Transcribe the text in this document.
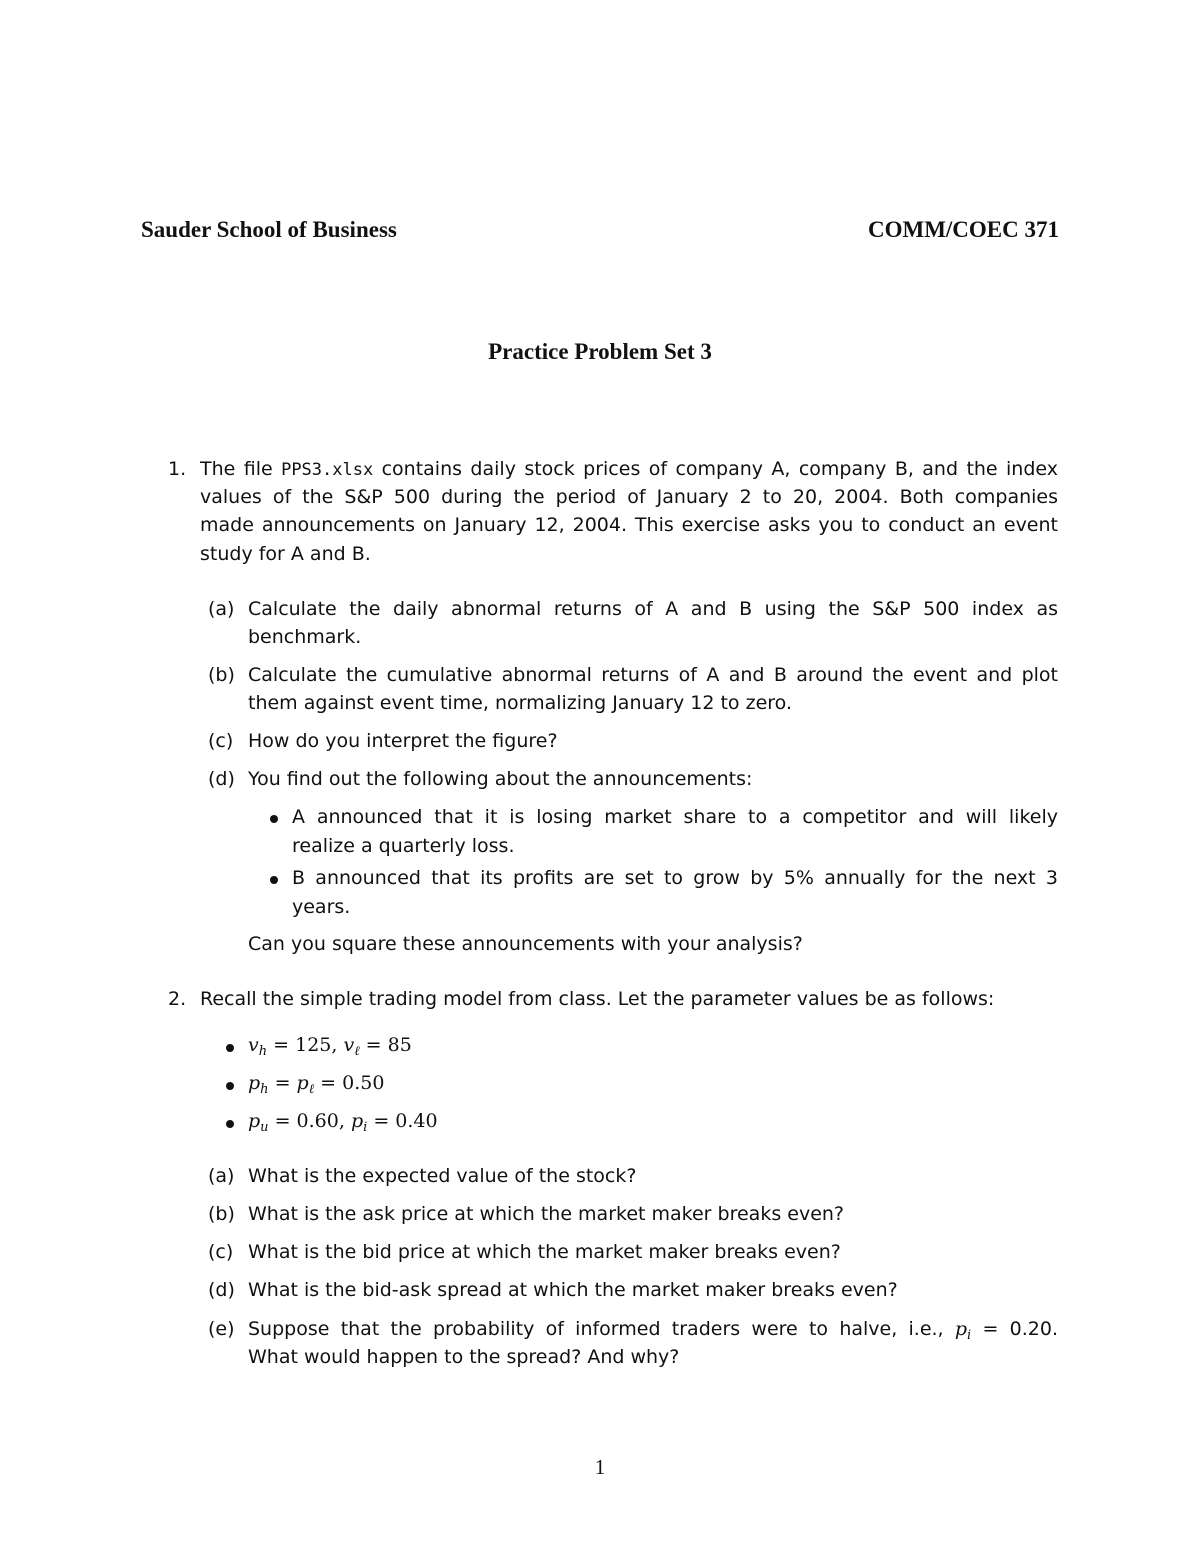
Sauder School of Business	COMM/COEC 371
Practice Problem Set 3
1. The file PPS3.xlsx contains daily stock prices of company A, company B, and the index
values of the S&P 500 during the period of January 2 to 20, 2004. Both companies
made announcements on January 12, 2004. This exercise asks you to conduct an event
study for A and B.
(a) Calculate the daily abnormal returns of A and B using the S&P 500 index as
benchmark.
(b) Calculate the cumulative abnormal returns of A and B around the event and plot
them against event time, normalizing January 12 to zero.
(c) How do you interpret the figure?
(d) You find out the following about the announcements:
A announced that it is losing market share to a competitor and will likely
realize a quarterly loss.
B announced that its profits are set to grow by 5% annually for the next 3
years.
Can you square these announcements with your analysis?
2. Recall the simple trading model from class. Let the parameter values be as follows:
$v_h = 125$, $v_\ell = 85$
$p_h = p_\ell = 0.50$
$p_u = 0.60$, $p_i = 0.40$
(a) What is the expected value of the stock?
(b) What is the ask price at which the market maker breaks even?
(c) What is the bid price at which the market maker breaks even?
(d) What is the bid-ask spread at which the market maker breaks even?
(e) Suppose that the probability of informed traders were to halve, i.e., $p_i = 0.20$.
What would happen to the spread? And why?
1
